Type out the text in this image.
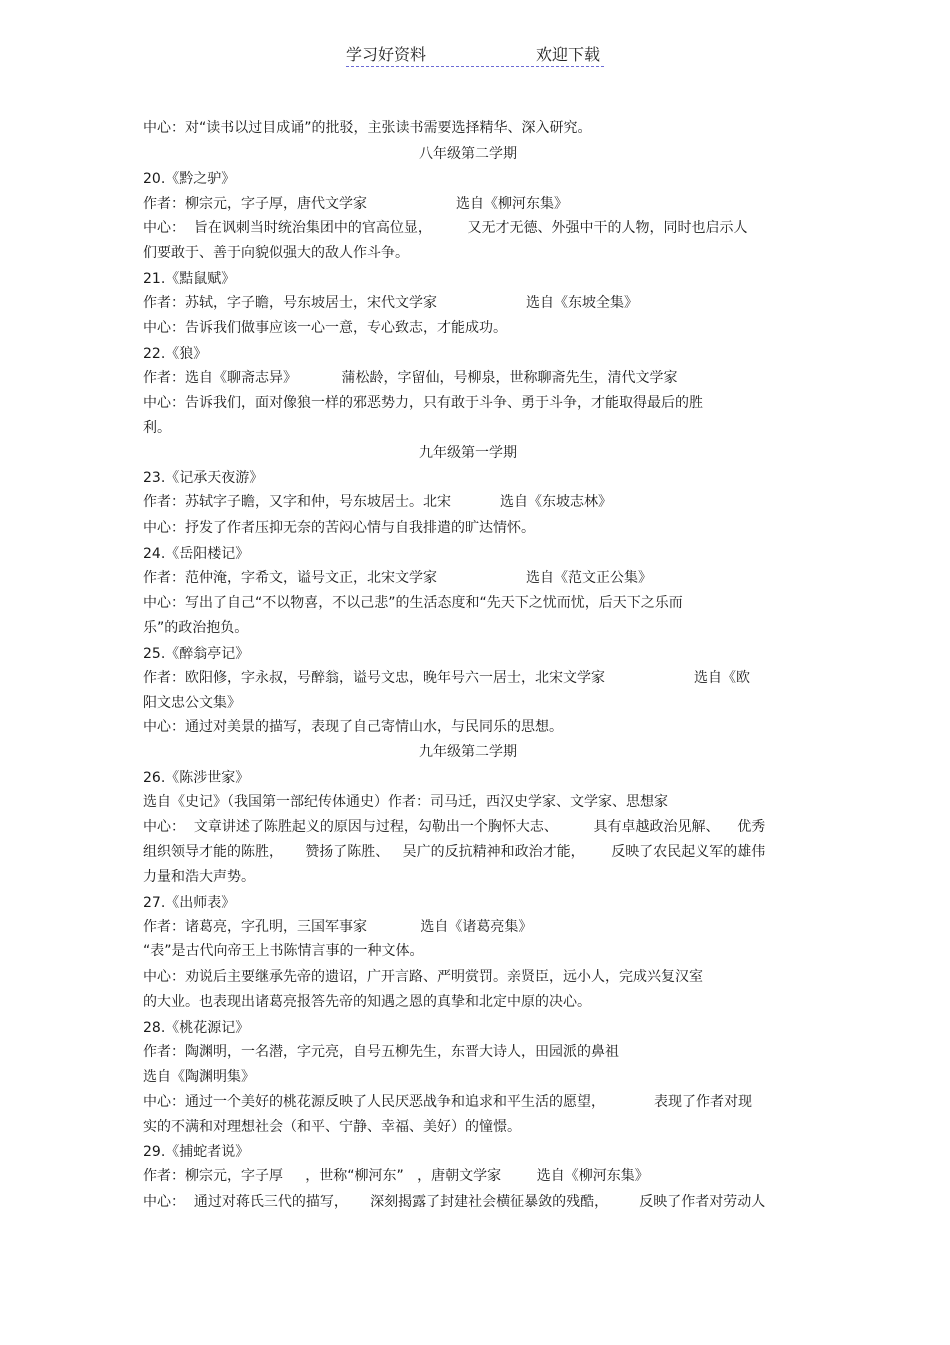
学习好资料	欢迎下载
中心：对“读书以过目成诵”的批驳，主张读书需要选择精华、深入研究。
八年级第二学期
20.《黔之驴》
作者：柳宗元，字子厚，唐代文学家                    选自《柳河东集》
中心：  旨在讽刺当时统治集团中的官高位显，        又无才无德、外强中干的人物，同时也启示人
们要敢于、善于向貌似强大的敌人作斗争。
21.《黠鼠赋》
作者：苏轼，字子瞻，号东坡居士，宋代文学家                    选自《东坡全集》
中心：告诉我们做事应该一心一意，专心致志，才能成功。
22.《狼》
作者：选自《聊斋志异》          蒲松龄，字留仙，号柳泉，世称聊斋先生，清代文学家
中心：告诉我们，面对像狼一样的邪恶势力，只有敢于斗争、勇于斗争，才能取得最后的胜
利。
九年级第一学期
23.《记承天夜游》
作者：苏轼字子瞻，又字和仲，号东坡居士。北宋           选自《东坡志林》
中心：抒发了作者压抑无奈的苦闷心情与自我排遣的旷达情怀。
24.《岳阳楼记》
作者：范仲淹，字希文，谥号文正，北宋文学家                    选自《范文正公集》
中心：写出了自己“不以物喜，不以己悲”的生活态度和“先天下之忧而忧，后天下之乐而
乐”的政治抱负。
25.《醉翁亭记》
作者：欧阳修，字永叔，号醉翁，谥号文忠，晚年号六一居士，北宋文学家                    选自《欧
阳文忠公文集》
中心：通过对美景的描写，表现了自己寄情山水，与民同乐的思想。
九年级第二学期
26.《陈涉世家》
选自《史记》（我国第一部纪传体通史）作者：司马迁，西汉史学家、文学家、思想家
中心：  文章讲述了陈胜起义的原因与过程，勾勒出一个胸怀大志、        具有卓越政治见解、    优秀
组织领导才能的陈胜，     赞扬了陈胜、   吴广的反抗精神和政治才能，      反映了农民起义军的雄伟
力量和浩大声势。
27.《出师表》
作者：诸葛亮，字孔明，三国军事家            选自《诸葛亮集》
“表”是古代向帝王上书陈情言事的一种文体。
中心：劝说后主要继承先帝的遗诏，广开言路、严明赏罚。亲贤臣，远小人，完成兴复汉室
的大业。也表现出诸葛亮报答先帝的知遇之恩的真挚和北定中原的决心。
28.《桃花源记》
作者：陶渊明，一名潜，字元亮，自号五柳先生，东晋大诗人，田园派的鼻祖
选自《陶渊明集》
中心：通过一个美好的桃花源反映了人民厌恶战争和追求和平生活的愿望，           表现了作者对现
实的不满和对理想社会（和平、宁静、幸福、美好）的憧憬。
29.《捕蛇者说》
作者：柳宗元，字子厚     ，世称“柳河东”   ，唐朝文学家        选自《柳河东集》
中心：  通过对蒋氏三代的描写，     深刻揭露了封建社会横征暴敛的残酷，       反映了作者对劳动人
